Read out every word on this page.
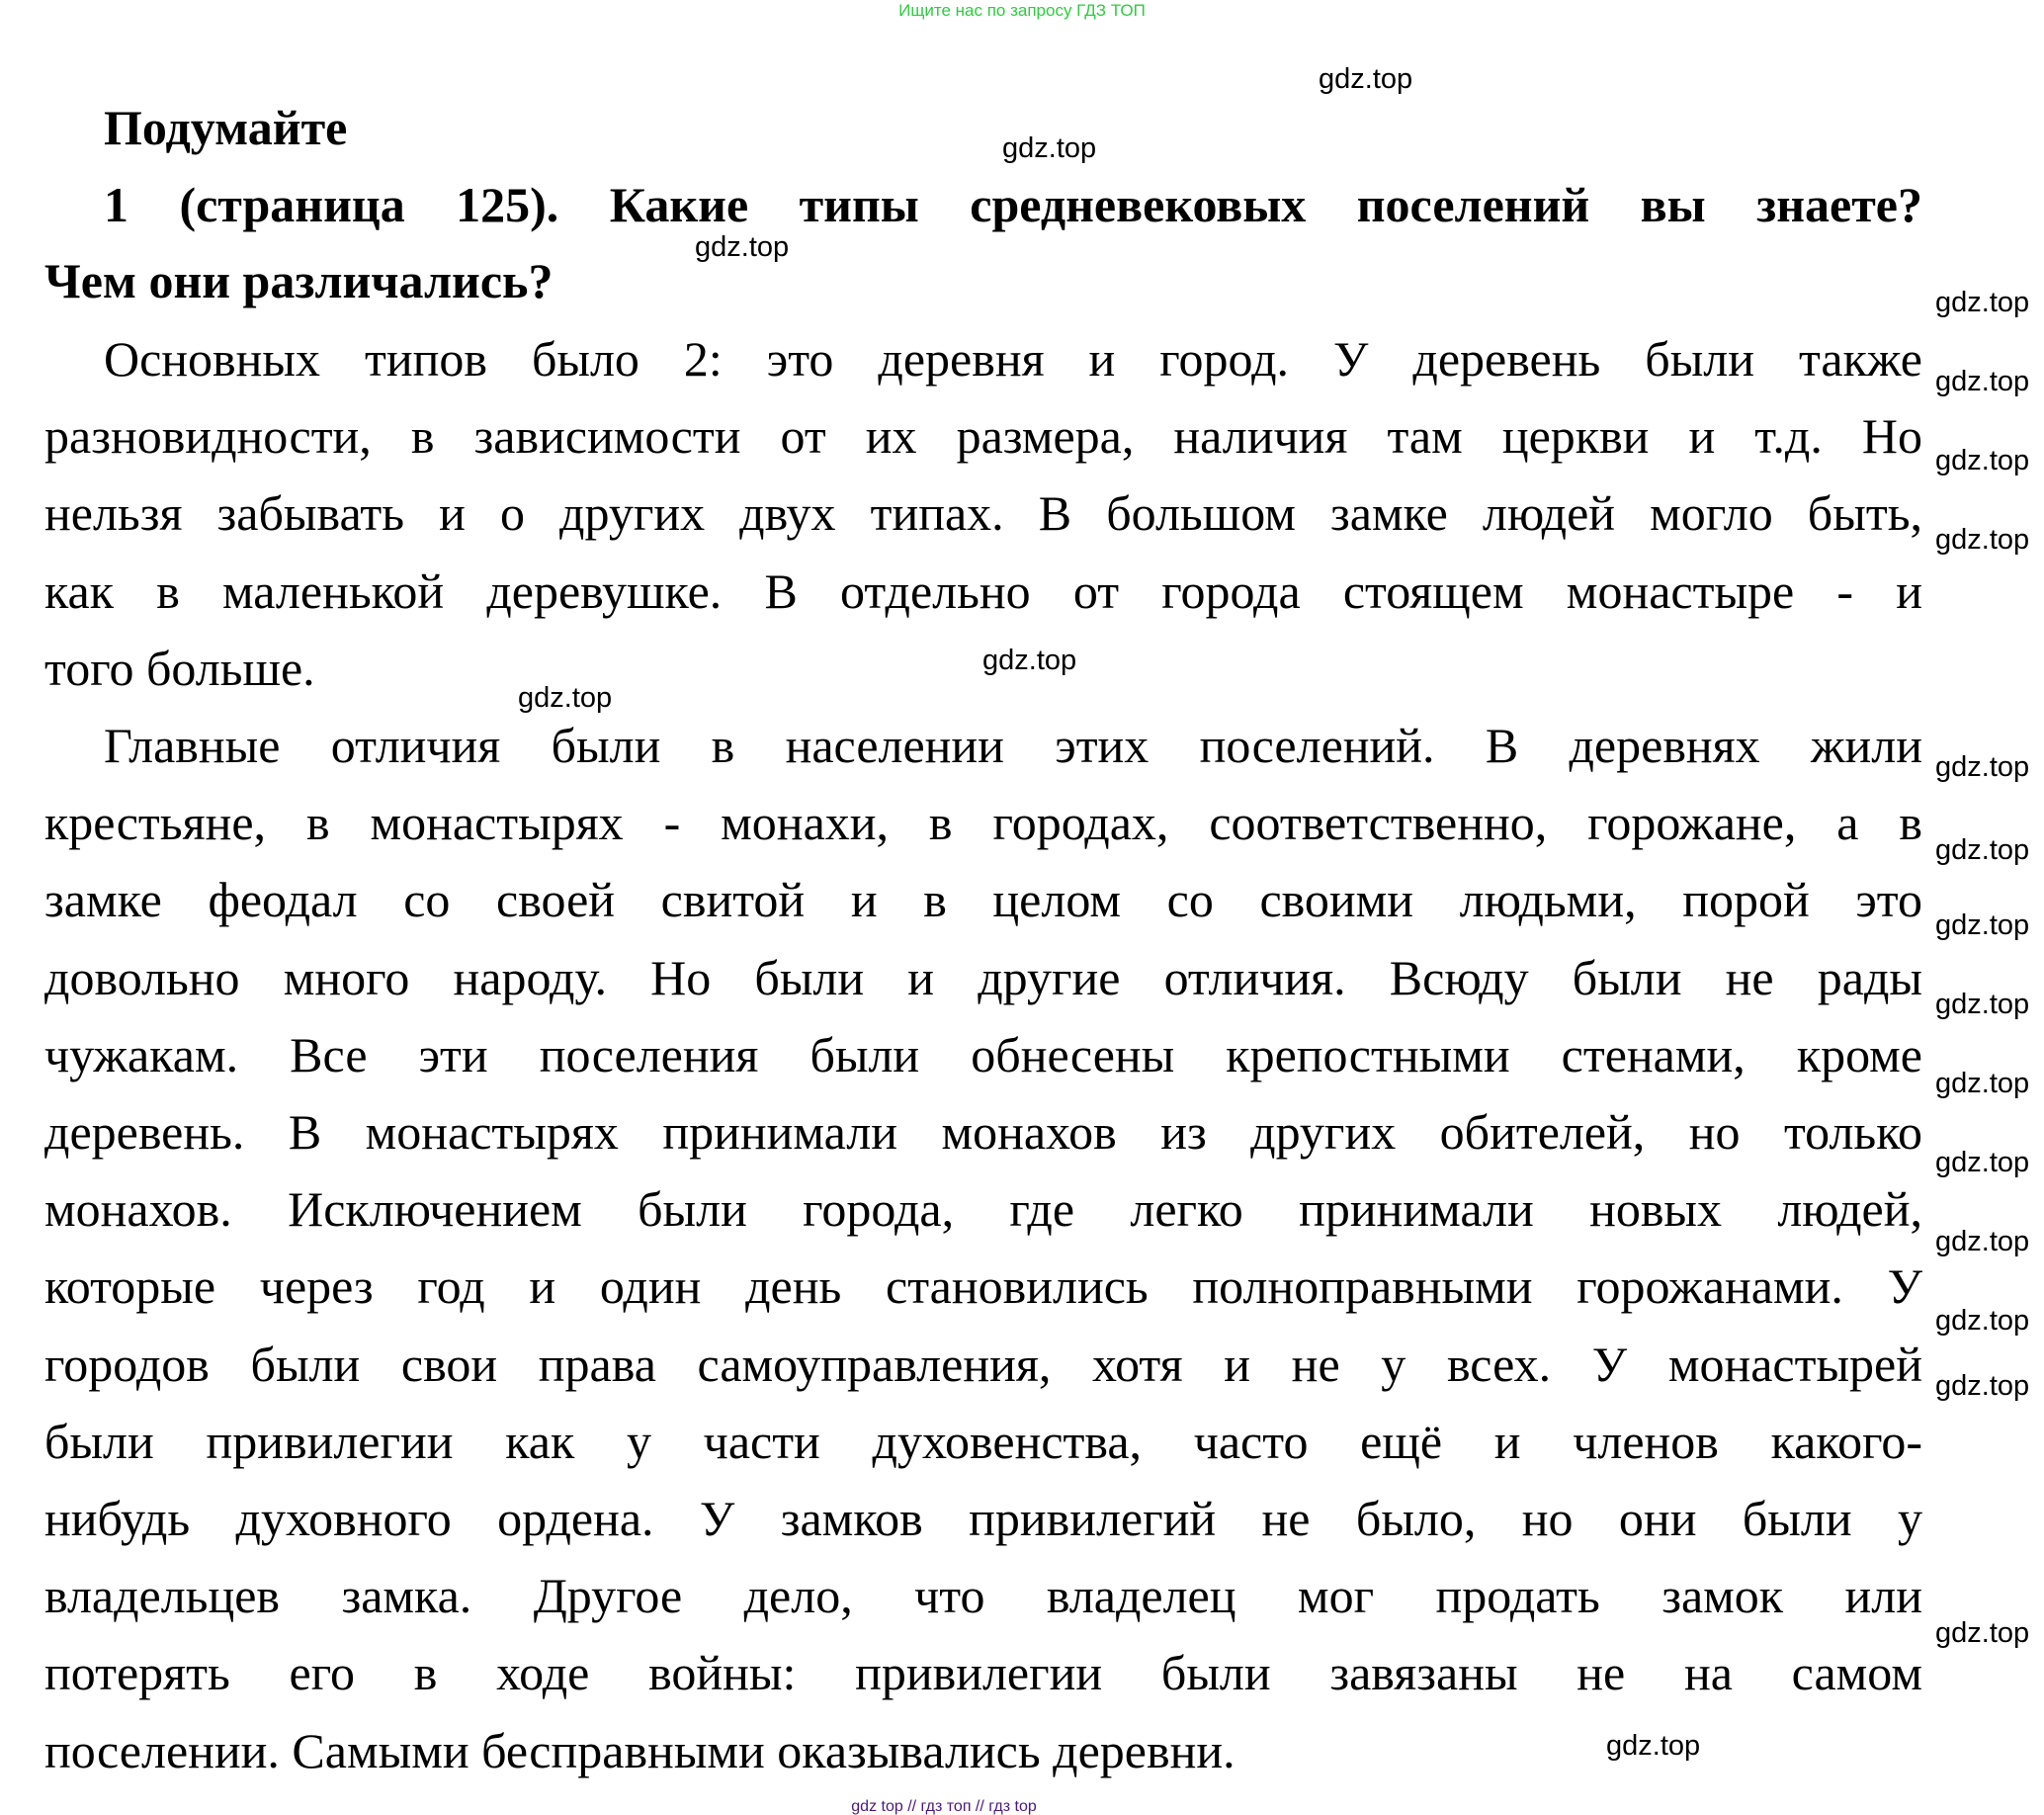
Ищите нас по запросу ГДЗ ТОП
Подумайте
1 (страница 125). Какие типы средневековых поселений вы знаете?
Чем они различались?
Основных типов было 2: это деревня и город. У деревень были также
разновидности, в зависимости от их размера, наличия там церкви и т.д. Но
нельзя забывать и о других двух типах. В большом замке людей могло быть,
как в маленькой деревушке. В отдельно от города стоящем монастыре - и
того больше.
Главные отличия были в населении этих поселений. В деревнях жили
крестьяне, в монастырях - монахи, в городах, соответственно, горожане, а в
замке феодал со своей свитой и в целом со своими людьми, порой это
довольно много народу. Но были и другие отличия. Всюду были не рады
чужакам. Все эти поселения были обнесены крепостными стенами, кроме
деревень. В монастырях принимали монахов из других обителей, но только
монахов. Исключением были города, где легко принимали новых людей,
которые через год и один день становились полноправными горожанами. У
городов были свои права самоуправления, хотя и не у всех. У монастырей
были привилегии как у части духовенства, часто ещё и членов какого-
нибудь духовного ордена. У замков привилегий не было, но они были у
владельцев замка. Другое дело, что владелец мог продать замок или
потерять его в ходе войны: привилегии были завязаны не на самом
поселении. Самыми бесправными оказывались деревни.
gdz.top
gdz.top
gdz.top
gdz.top
gdz.top
gdz.top
gdz.top
gdz.top
gdz.top
gdz.top
gdz.top
gdz.top
gdz.top
gdz.top
gdz.top
gdz.top
gdz.top
gdz.top
gdz.top
gdz.top
gdz top // гдз топ // гдз top
